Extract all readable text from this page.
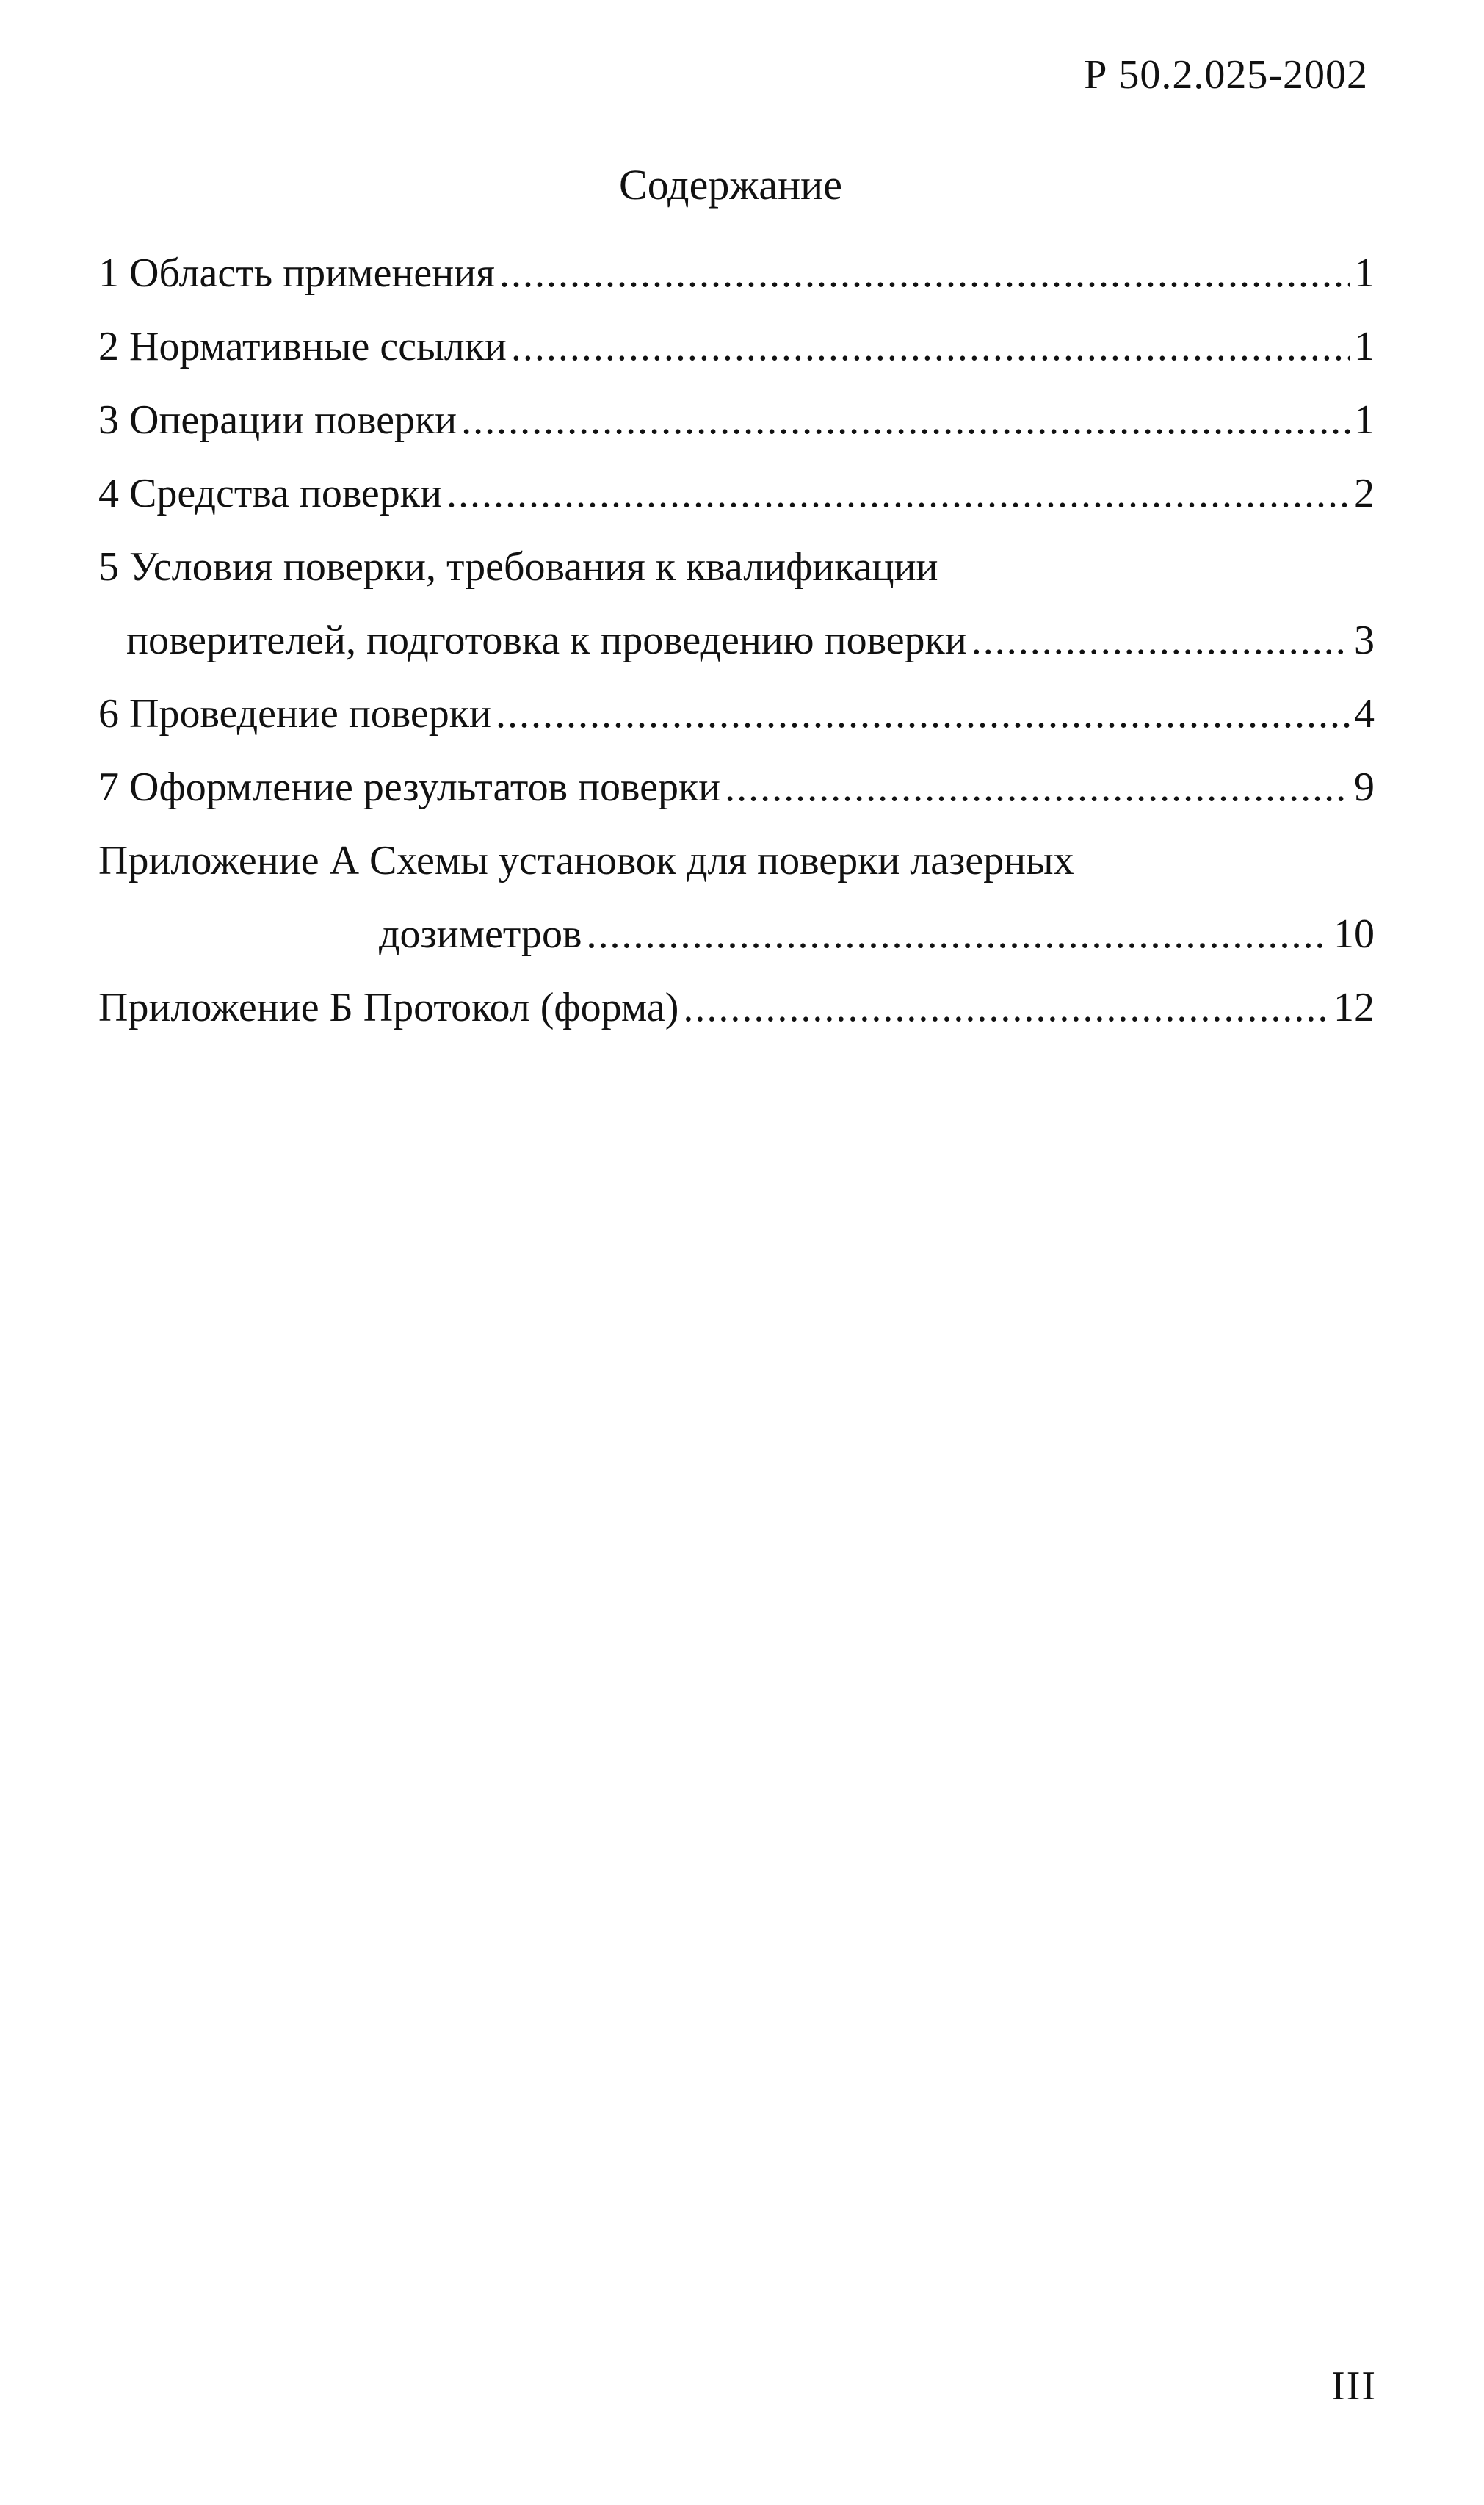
Р 50.2.025-2002
Содержание
1 Область применения .....	1
2 Нормативные ссылки .....	1
3 Операции поверки .....	1
4 Средства поверки .....	2
5 Условия поверки, требования к квалификации
поверителей, подготовка к проведению поверки .....	3
6 Проведение поверки .....	4
7 Оформление результатов поверки .....	9
Приложение А Схемы установок для поверки лазерных
дозиметров .....	10
Приложение Б Протокол (форма) .....	12
III
